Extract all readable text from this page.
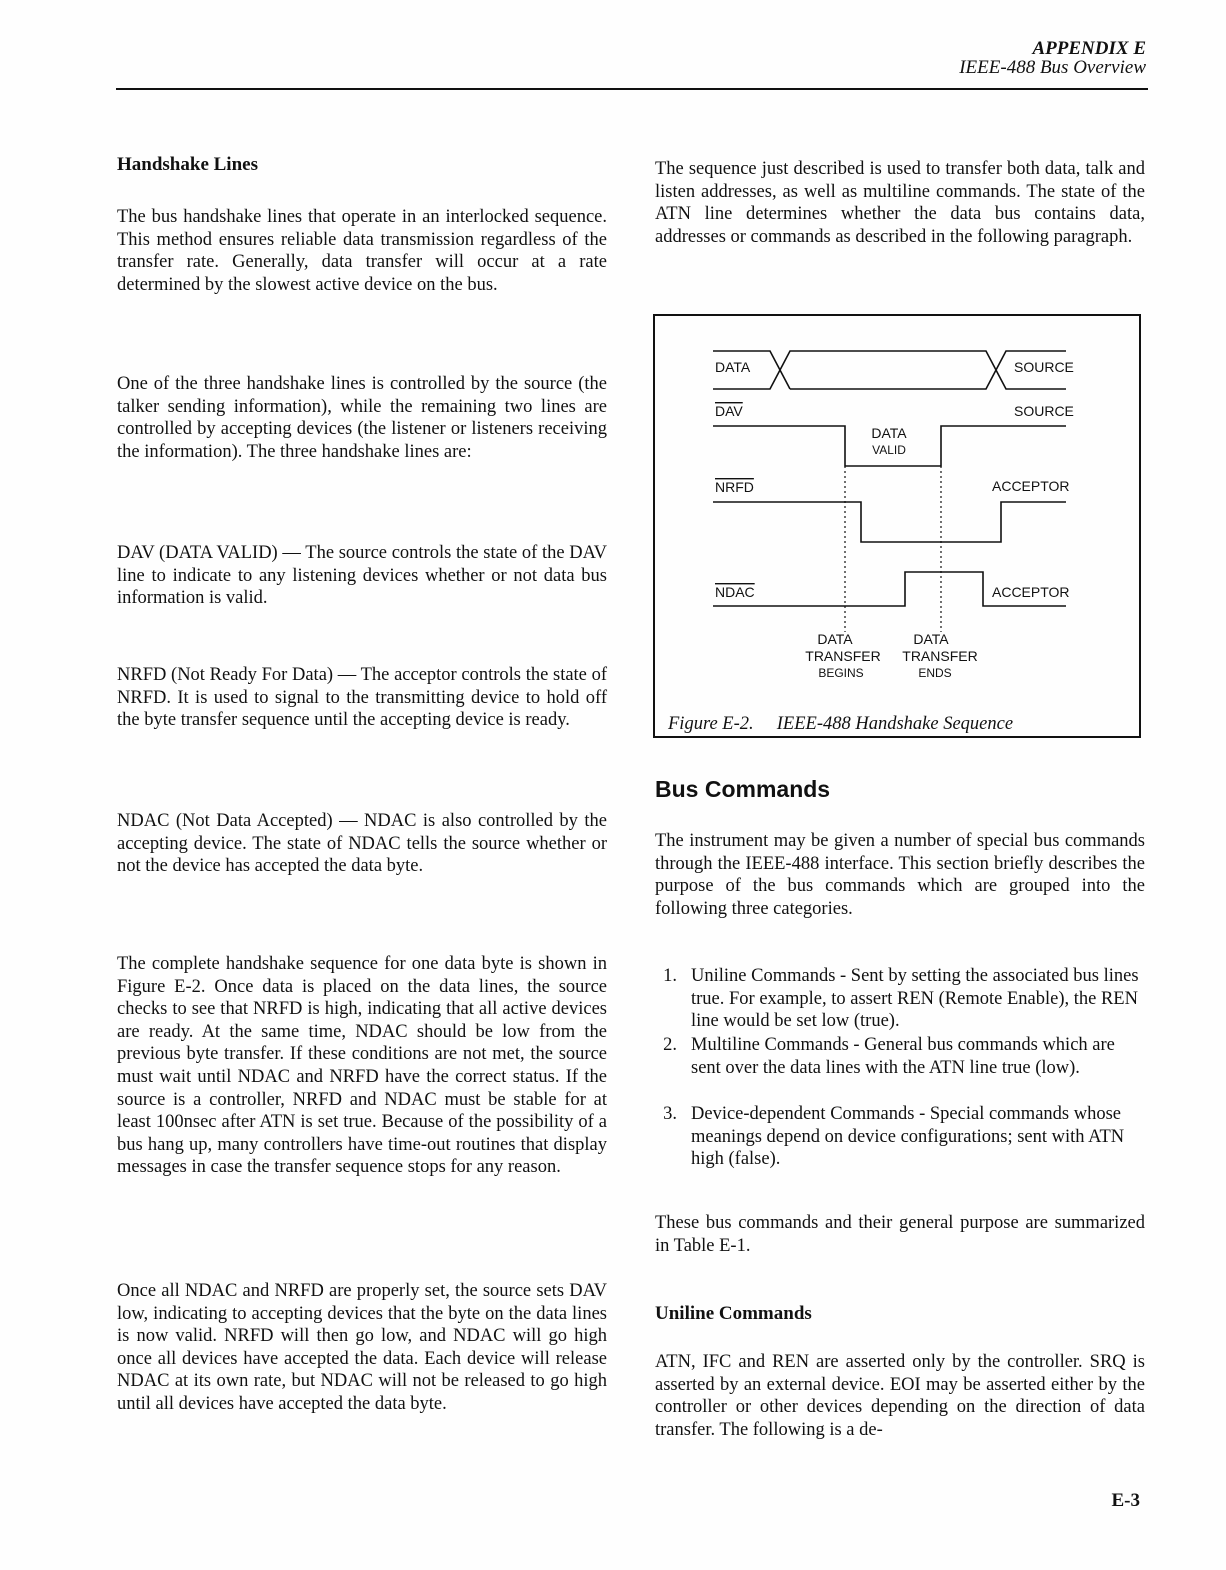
APPENDIX E
IEEE-488 Bus Overview
Handshake Lines

The bus handshake lines that operate in an interlocked sequence. This method ensures reliable data transmission regardless of the transfer rate. Generally, data transfer will occur at a rate determined by the slowest active device on the bus.

One of the three handshake lines is controlled by the source (the talker sending information), while the remaining two lines are controlled by accepting devices (the listener or listeners receiving the information). The three handshake lines are:

DAV (DATA VALID) — The source controls the state of the DAV line to indicate to any listening devices whether or not data bus information is valid.

NRFD (Not Ready For Data) — The acceptor controls the state of NRFD. It is used to signal to the transmitting device to hold off the byte transfer sequence until the accepting device is ready.

NDAC (Not Data Accepted) — NDAC is also controlled by the accepting device. The state of NDAC tells the source whether or not the device has accepted the data byte.

The complete handshake sequence for one data byte is shown in Figure E-2. Once data is placed on the data lines, the source checks to see that NRFD is high, indicating that all active devices are ready. At the same time, NDAC should be low from the previous byte transfer. If these conditions are not met, the source must wait until NDAC and NRFD have the correct status. If the source is a controller, NRFD and NDAC must be stable for at least 100nsec after ATN is set true. Because of the possibility of a bus hang up, many controllers have time-out routines that display messages in case the transfer sequence stops for any reason.

Once all NDAC and NRFD are properly set, the source sets DAV low, indicating to accepting devices that the byte on the data lines is now valid. NRFD will then go low, and NDAC will go high once all devices have accepted the data. Each device will release NDAC at its own rate, but NDAC will not be released to go high until all devices have accepted the data byte.

The sequence just described is used to transfer both data, talk and listen addresses, as well as multiline commands. The state of the ATN line determines whether the data bus contains data, addresses or commands as described in the following paragraph.

DATA
DAV
NRFD
NDAC
SOURCE
SOURCE
ACCEPTOR
ACCEPTOR
DATA
VALID
DATA
TRANSFER
BEGINS
DATA
TRANSFER
ENDS
Figure E-2. IEEE-488 Handshake Sequence
Bus Commands

The instrument may be given a number of special bus commands through the IEEE-488 interface. This section briefly describes the purpose of the bus commands which are grouped into the following three categories.

1. Uniline Commands - Sent by setting the associated bus lines true. For example, to assert REN (Remote Enable), the REN line would be set low (true).
2. Multiline Commands - General bus commands which are sent over the data lines with the ATN line true (low).
3. Device-dependent Commands - Special commands whose meanings depend on device configurations; sent with ATN high (false).

These bus commands and their general purpose are summarized in Table E-1.

Uniline Commands

ATN, IFC and REN are asserted only by the controller. SRQ is asserted by an external device. EOI may be asserted either by the controller or other devices depending on the direction of data transfer. The following is a de-

E-3
